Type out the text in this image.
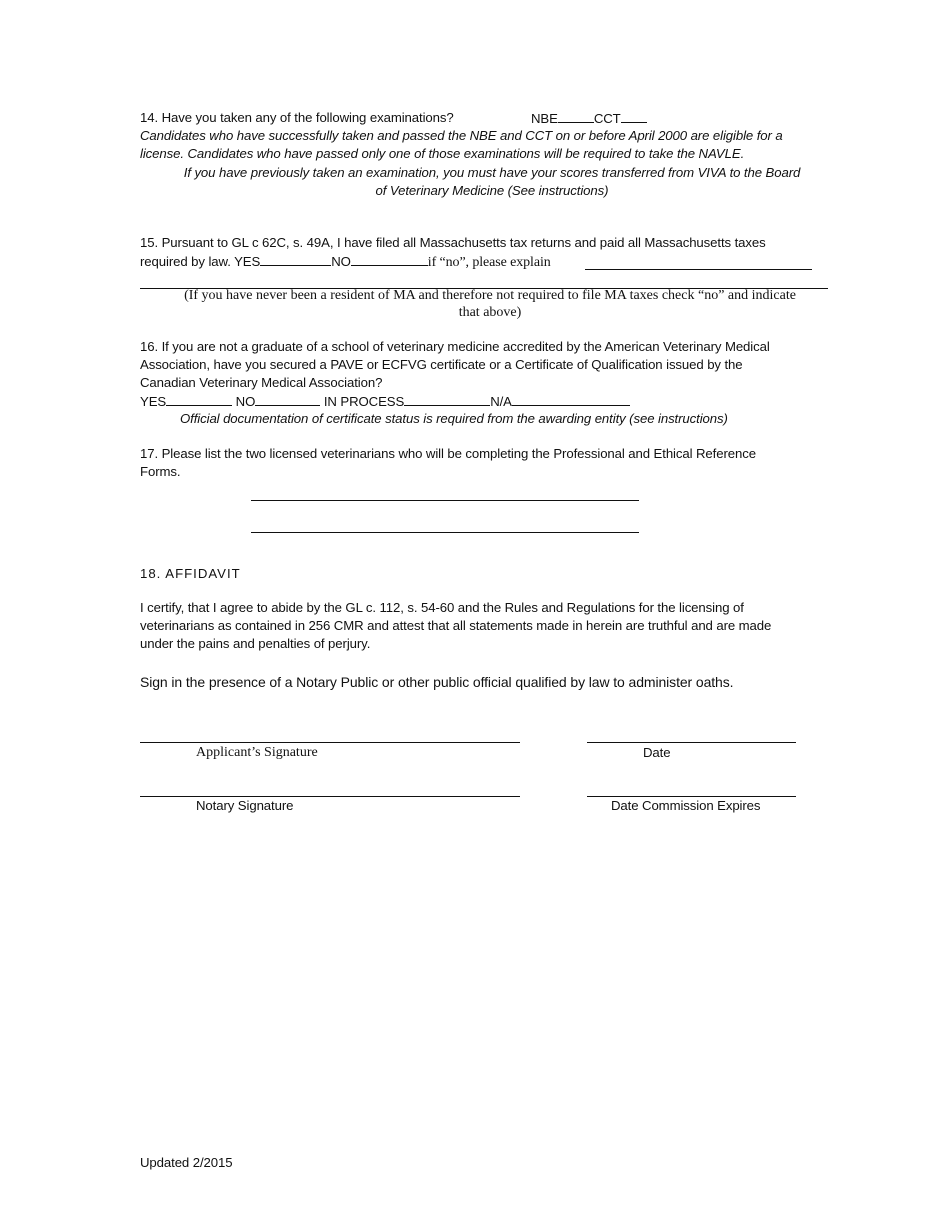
14. Have you taken any of the following examinations?	NBE	CCT
Candidates who have successfully taken and passed the NBE and CCT on or before April 2000 are eligible for a
license. Candidates who have passed only one of those examinations will be required to take the NAVLE.
If you have previously taken an examination, you must have your scores transferred from VIVA to the Board
of Veterinary Medicine (See instructions)
15. Pursuant to GL c 62C, s. 49A, I have filed all Massachusetts tax returns and paid all Massachusetts taxes
required by law. YES	NO	if “no”, please explain
(If you have never been a resident of MA and therefore not required to file MA taxes check “no” and indicate
that above)
16. If you are not a graduate of a school of veterinary medicine accredited by the American Veterinary Medical
Association, have you secured a PAVE or ECFVG certificate or a Certificate of Qualification issued by the
Canadian Veterinary Medical Association?
YES	NO	IN PROCESS	N/A
Official documentation of certificate status is required from the awarding entity (see instructions)
17. Please list the two licensed veterinarians who will be completing the Professional and Ethical Reference
Forms.
18. AFFIDAVIT
I certify, that I agree to abide by the GL c. 112, s. 54-60 and the Rules and Regulations for the licensing of
veterinarians as contained in 256 CMR and attest that all statements made in herein are truthful and are made
under the pains and penalties of perjury.
Sign in the presence of a Notary Public or other public official qualified by law to administer oaths.
Applicant’s Signature	Date
Notary Signature	Date Commission Expires
Updated 2/2015
